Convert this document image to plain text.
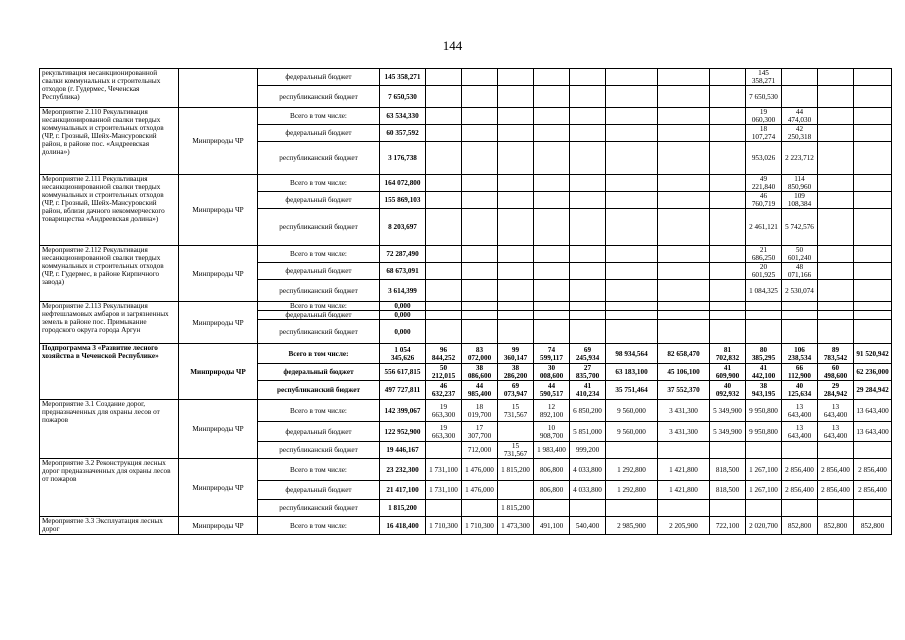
144
рекультивация несанкционированной свалки коммунальных и строительных отходов (г. Гудермес, Чеченская Республика)		федеральный бюджет	145 358,271									145 358,271			
		республиканский бюджет	7 650,530									7 650,530			
Мероприятие 2.110 Рекультивация несанкционированной свалки твердых коммунальных и строительных отходов (ЧР, г. Грозный, Шейх-Мансуровский район, в районе пос. «Андреевская долина»)	Минприроды ЧР	Всего в том числе:	63 534,330									19 060,300	44 474,030		
		федеральный бюджет	60 357,592									18 107,274	42 250,318		
		республиканский бюджет	3 176,738									953,026	2 223,712		
Мероприятие 2.111 Рекультивация несанкционированной свалки твердых коммунальных и строительных отходов (ЧР, г. Грозный, Шейх-Мансуровский район, вблизи дачного некоммерческого товарищества «Андреевская долина»)	Минприроды ЧР	Всего в том числе:	164 072,800									49 221,840	114 850,960		
		федеральный бюджет	155 869,103									46 760,719	109 108,384		
		республиканский бюджет	8 203,697									2 461,121	5 742,576		
Мероприятие 2.112 Рекультивация несанкционированной свалки твердых коммунальных и строительных отходов (ЧР, г. Гудермес, в районе Кирпичного завода)	Минприроды ЧР	Всего в том числе:	72 287,490									21 686,250	50 601,240		
		федеральный бюджет	68 673,091									20 601,925	48 071,166		
		республиканский бюджет	3 614,399									1 084,325	2 530,074		
Мероприятие 2.113 Рекультивация нефтешламовых амбаров и загрязненных земель в районе пос. Примыкание городского округа города Аргун	Минприроды ЧР	Всего в том числе:	0,000												
		федеральный бюджет	0,000												
		республиканский бюджет	0,000												
Подпрограмма 3 «Развитие лесного хозяйства в Чеченской Республике»	Минприроды ЧР	Всего в том числе:	1 054 345,626	96 844,252	83 072,000	99 360,147	74 599,117	69 245,934	98 934,564	82 658,470	81 702,832	80 385,295	106 238,534	89 783,542	91 520,942
		федеральный бюджет	556 617,815	50 212,015	38 086,600	38 286,200	30 008,600	27 835,700	63 183,100	45 106,100	41 609,900	41 442,100	66 112,900	60 498,600	62 236,000
		республиканский бюджет	497 727,811	46 632,237	44 985,400	69 073,947	44 590,517	41 410,234	35 751,464	37 552,370	40 092,932	38 943,195	40 125,634	29 284,942	29 284,942
Мероприятие 3.1 Создание дорог, предназначенных для охраны лесов от пожаров	Минприроды ЧР	Всего в том числе:	142 399,067	19 663,300	18 019,700	15 731,567	12 892,100	6 850,200	9 560,000	3 431,300	5 349,900	9 950,800	13 643,400	13 643,400	13 643,400
		федеральный бюджет	122 952,900	19 663,300	17 307,700		10 908,700	5 851,000	9 560,000	3 431,300	5 349,900	9 950,800	13 643,400	13 643,400	13 643,400
		республиканский бюджет	19 446,167		712,000	15 731,567	1 983,400	999,200							
Мероприятие 3.2 Реконструкция лесных дорог предназначенных для охраны лесов от пожаров	Минприроды ЧР	Всего в том числе:	23 232,300	1 731,100	1 476,000	1 815,200	806,800	4 033,800	1 292,800	1 421,800	818,500	1 267,100	2 856,400	2 856,400	2 856,400
		федеральный бюджет	21 417,100	1 731,100	1 476,000		806,800	4 033,800	1 292,800	1 421,800	818,500	1 267,100	2 856,400	2 856,400	2 856,400
		республиканский бюджет	1 815,200			1 815,200									
Мероприятие 3.3 Эксплуатация лесных дорог	Минприроды ЧР	Всего в том числе:	16 418,400	1 710,300	1 710,300	1 473,300	491,100	540,400	2 985,900	2 205,900	722,100	2 020,700	852,800	852,800	852,800
